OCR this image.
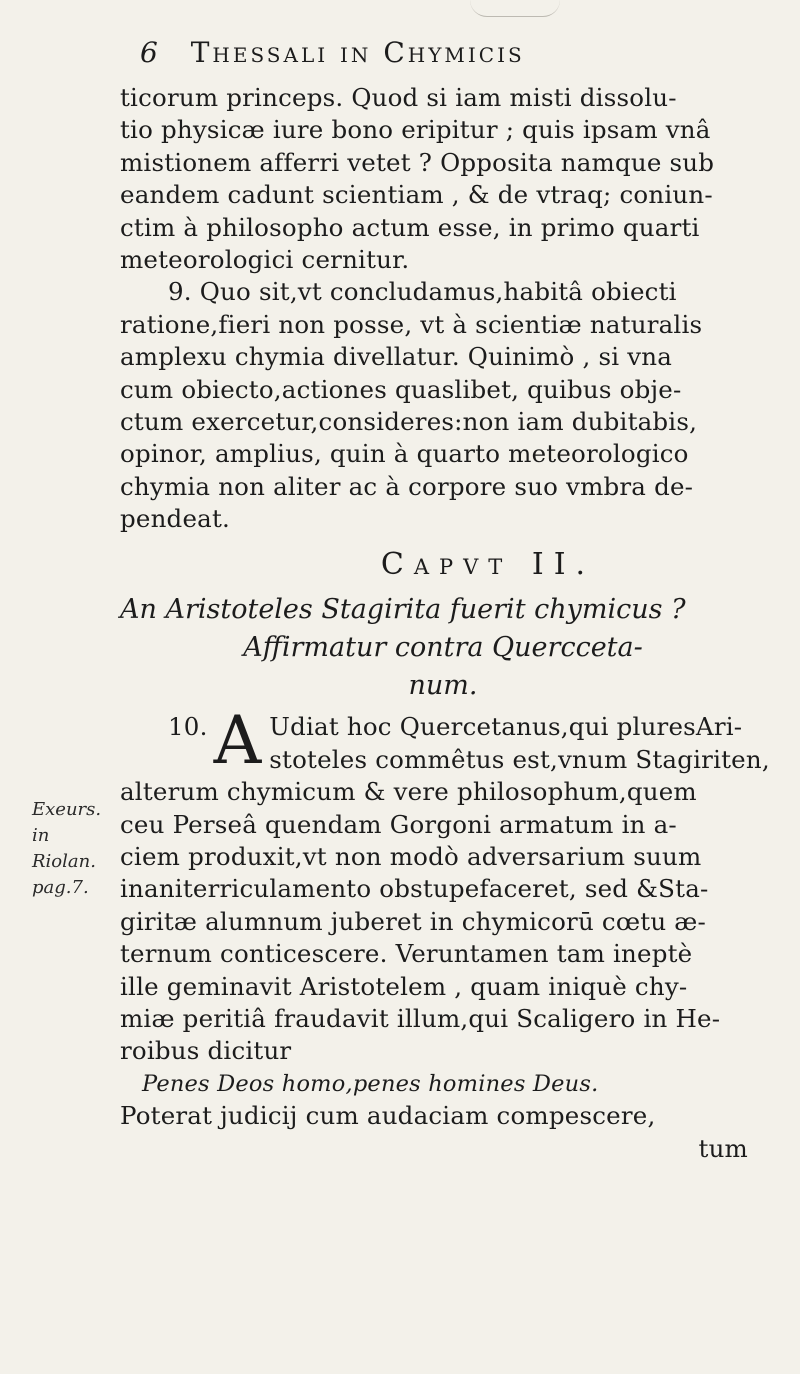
6 Thessali in Chymicis
Exeurs. in
Riolan.
pag.7.
ticorum princeps. Quod si iam misti dissolu-
tio physicæ iure bono eripitur ; quis ipsam vnâ
mistionem afferri vetet ? Opposita namque sub
eandem cadunt scientiam , & de vtraq; coniun-
ctim à philosopho actum esse, in primo quarti
meteorologici cernitur.
9. Quo sit,vt concludamus,habitâ obiecti
ratione,fieri non posse, vt à scientiæ naturalis
amplexu chymia divellatur. Quinimò , si vna
cum obiecto,actiones quaslibet, quibus obje-
ctum exercetur,consideres:non iam dubitabis,
opinor, amplius, quin à quarto meteorologico
chymia non aliter ac à corpore suo vmbra de-
pendeat.
Capvt II.
An Aristoteles Stagirita fuerit chymicus ?
Affirmatur contra Quercceta-
num.
10. A Udiat hoc Quercetanus,qui pluresAri-
stoteles commêtus est,vnum Stagiriten,
alterum chymicum & vere philosophum,quem
ceu Perseâ quendam Gorgoni armatum in a-
ciem produxit,vt non modò adversarium suum
inaniterriculamento obstupefaceret, sed &Sta-
giritæ alumnum juberet in chymicorū cœtu æ-
ternum conticescere. Veruntamen tam ineptè
ille geminavit Aristotelem , quam iniquè chy-
miæ peritiâ fraudavit illum,qui Scaligero in He-
roibus dicitur
Penes Deos homo,penes homines Deus.
Poterat judicij cum audaciam compescere,
tum
